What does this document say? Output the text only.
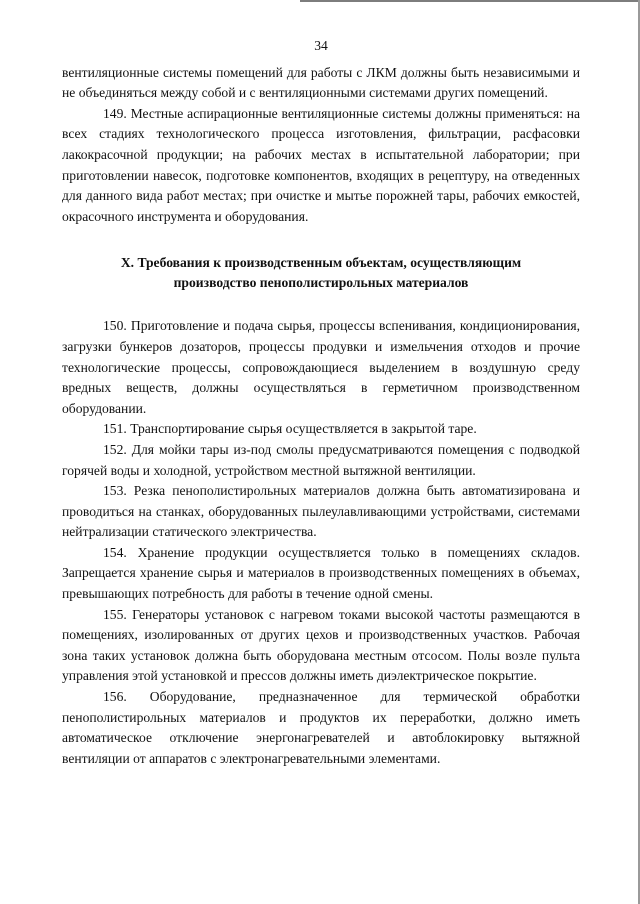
34

вентиляционные системы помещений для работы с ЛКМ должны быть независимыми и не объединяться между собой и с вентиляционными системами других помещений.

149. Местные аспирационные вентиляционные системы должны применяться: на всех стадиях технологического процесса изготовления, фильтрации, расфасовки лакокрасочной продукции; на рабочих местах в испытательной лаборатории; при приготовлении навесок, подготовке компонентов, входящих в рецептуру, на отведенных для данного вида работ местах; при очистке и мытье порожней тары, рабочих емкостей, окрасочного инструмента и оборудования.

X. Требования к производственным объектам, осуществляющим
производство пенополистирольных материалов

150. Приготовление и подача сырья, процессы вспенивания, кондиционирования, загрузки бункеров дозаторов, процессы продувки и измельчения отходов и прочие технологические процессы, сопровождающиеся выделением в воздушную среду вредных веществ, должны осуществляться в герметичном производственном оборудовании.

151. Транспортирование сырья осуществляется в закрытой таре.

152. Для мойки тары из-под смолы предусматриваются помещения с подводкой горячей воды и холодной, устройством местной вытяжной вентиляции.

153. Резка пенополистирольных материалов должна быть автоматизирована и проводиться на станках, оборудованных пылеулавливающими устройствами, системами нейтрализации статического электричества.

154. Хранение продукции осуществляется только в помещениях складов. Запрещается хранение сырья и материалов в производственных помещениях в объемах, превышающих потребность для работы в течение одной смены.

155. Генераторы установок с нагревом токами высокой частоты размещаются в помещениях, изолированных от других цехов и производственных участков. Рабочая зона таких установок должна быть оборудована местным отсосом. Полы возле пульта управления этой установкой и прессов должны иметь диэлектрическое покрытие.

156. Оборудование, предназначенное для термической обработки пенополистирольных материалов и продуктов их переработки, должно иметь автоматическое отключение энергонагревателей и автоблокировку вытяжной вентиляции от аппаратов с электронагревательными элементами.
